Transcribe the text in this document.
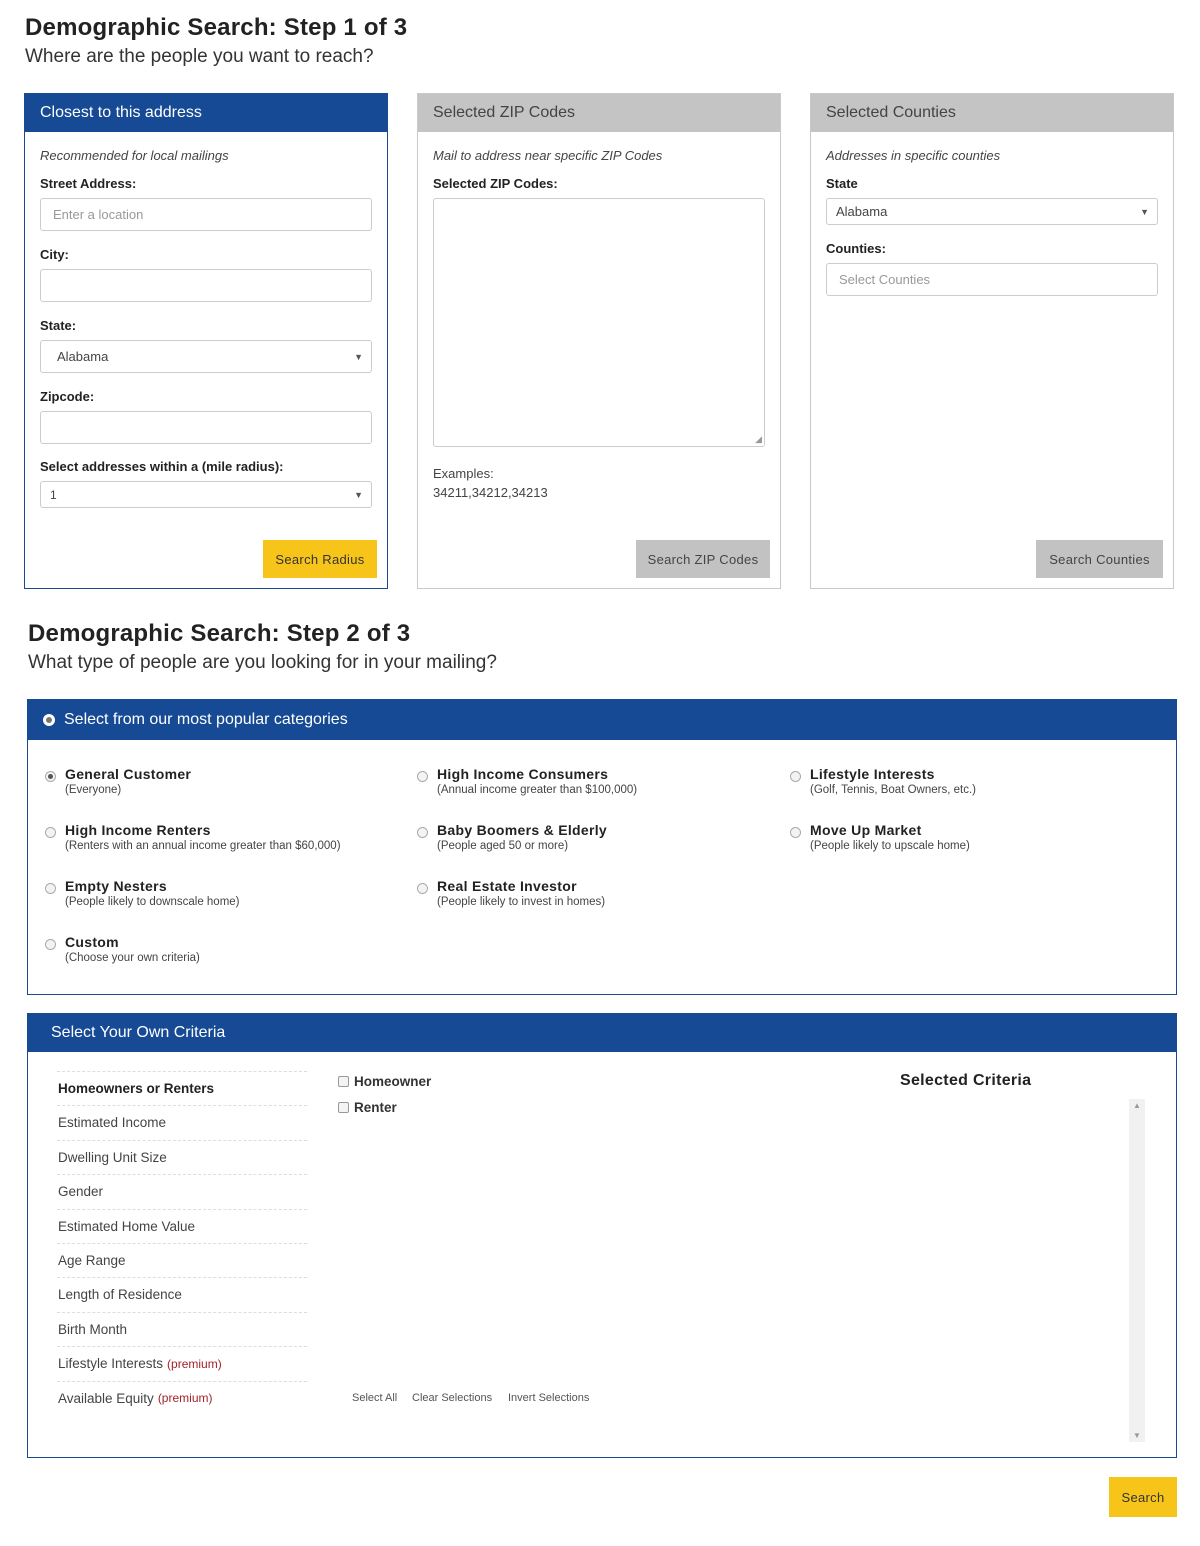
Demographic Search: Step 1 of 3
Where are the people you want to reach?
Closest to this address
Recommended for local mailings
Street Address:
Enter a location
City:
State:
Alabama	▼
Zipcode:
Select addresses within a (mile radius):
1	▼
Search Radius
Selected ZIP Codes
Mail to address near specific ZIP Codes
Selected ZIP Codes:
◢
Examples:
34211,34212,34213
Search ZIP Codes
Selected Counties
Addresses in specific counties
State
Alabama	▼
Counties:
Select Counties
Search Counties
Demographic Search: Step 2 of 3
What type of people are you looking for in your mailing?
Select from our most popular categories
General Customer
(Everyone)
High Income Consumers
(Annual income greater than $100,000)
Lifestyle Interests
(Golf, Tennis, Boat Owners, etc.)
High Income Renters
(Renters with an annual income greater than $60,000)
Baby Boomers & Elderly
(People aged 50 or more)
Move Up Market
(People likely to upscale home)
Empty Nesters
(People likely to downscale home)
Real Estate Investor
(People likely to invest in homes)
Custom
(Choose your own criteria)
Select Your Own Criteria
Homeowners or Renters
Estimated Income
Dwelling Unit Size
Gender
Estimated Home Value
Age Range
Length of Residence
Birth Month
Lifestyle Interests (premium)
Available Equity (premium)
Homeowner
Renter
Select All Clear Selections Invert Selections
Selected Criteria
▲
▼
Search
